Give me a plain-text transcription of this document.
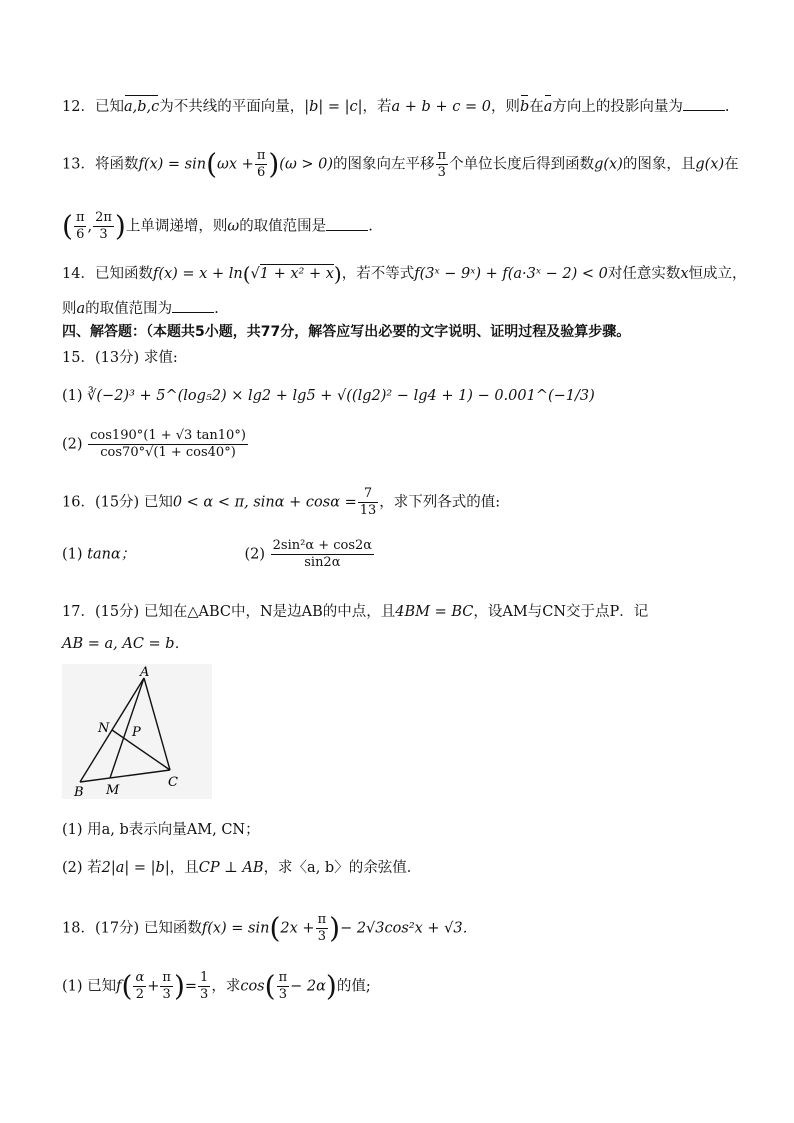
12．已知a,b,c为不共线的平面向量，|b| = |c|，若a + b + c = 0，则b在a方向上的投影向量为	.
13．将函数$f(x) = \sin(\omega x + \frac{\pi}{6} )(\omega > 0)$的图象向左平移 $\frac{\pi}{3}$ 个单位长度后得到函数g(x)的图象，且g(x)在
( $\frac{\pi}{6}$ , $\frac{2\pi}{3}$ )上单调递增，则ω的取值范围是	.
14．已知函数f(x) = x + ln(√1 + x² + x)，若不等式f(3ˣ − 9ˣ) + f(a·3ˣ − 2) < 0对任意实数x恒成立，
则a的取值范围为	.
四、解答题：（本题共5小题，共77分，解答应写出必要的文字说明、证明过程及验算步骤。
15．(13分) 求值:
(1) ∛(−2)³ + 5^(log₅2) × lg2 + lg5 + √((lg2)² − lg4 + 1) − 0.001^(−1/3)
$(2) \frac{\cos 190^\circ(1 + √3 \tan 10^\circ)}{\cos 70^\circ√(1 + \cos 40^\circ)}$
16．(15分) 已知0 < α < π, $\sin\alpha + \cos\alpha = \frac{7}{13}$ ，求下列各式的值:
(1) tanα；	$(2) \frac{\text{2sin²α + cos2α}}{\sin 2\alpha}$
17．(15分) 已知在△ABC中，N是边AB的中点，且4BM = BC，设AM与CN交于点P．记
AB = a, AC = b．
A
B
C
M
N P
(1) 用a, b表示向量AM, CN；
(2) 若2|a| = |b|，且CP ⊥ AB，求〈a, b〉的余弦值．
18．(17分) 已知函数$f(x) = \sin(2x + \frac{\pi}{3}$ )− 2√3cos²x + √3．
(1) 已知$f( \frac{\alpha}{2} + \frac{\pi}{3}$ )= $\frac{1}{3}$ ，求$\cos( \frac{\pi}{3} - 2\alpha)$的值;
